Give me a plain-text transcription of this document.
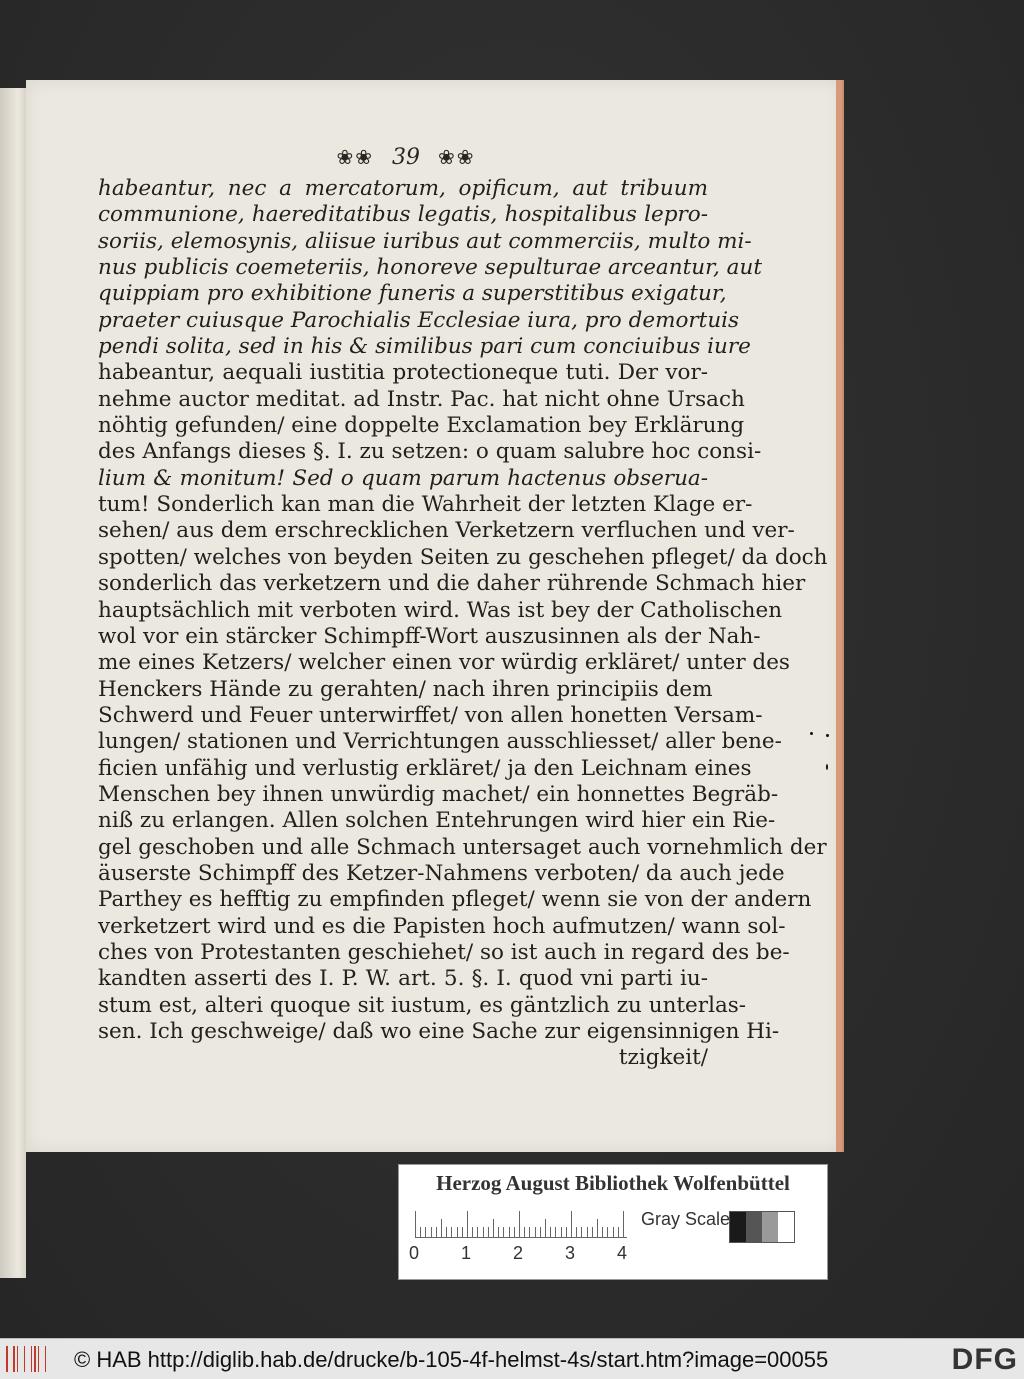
❀❀ 39 ❀❀
habeantur, nec a mercatorum, opificum, aut tribuum
communione, haereditatibus legatis, hospitalibus lepro-
soriis, elemosynis, aliisue iuribus aut commerciis, multo mi-
nus publicis coemeteriis, honoreve sepulturae arceantur, aut
quippiam pro exhibitione funeris a superstitibus exigatur,
praeter cuiusque Parochialis Ecclesiae iura, pro demortuis
pendi solita, sed in his & similibus pari cum conciuibus iure
habeantur, aequali iustitia protectioneque tuti. Der vor-
nehme auctor meditat. ad Instr. Pac. hat nicht ohne Ursach
nöhtig gefunden/ eine doppelte Exclamation bey Erklärung
des Anfangs dieses §. I. zu setzen: o quam salubre hoc consi-
lium & monitum! Sed o quam parum hactenus obserua-
tum! Sonderlich kan man die Wahrheit der letzten Klage er-
sehen/ aus dem erschrecklichen Verketzern verfluchen und ver-
spotten/ welches von beyden Seiten zu geschehen pfleget/ da doch
sonderlich das verketzern und die daher rührende Schmach hier
hauptsächlich mit verboten wird. Was ist bey der Catholischen
wol vor ein stärcker Schimpff-Wort auszusinnen als der Nah-
me eines Ketzers/ welcher einen vor würdig erkläret/ unter des
Henckers Hände zu gerahten/ nach ihren principiis dem
Schwerd und Feuer unterwirffet/ von allen honetten Versam-
lungen/ stationen und Verrichtungen ausschliesset/ aller bene-
ficien unfähig und verlustig erkläret/ ja den Leichnam eines
Menschen bey ihnen unwürdig machet/ ein honnettes Begräb-
niß zu erlangen. Allen solchen Entehrungen wird hier ein Rie-
gel geschoben und alle Schmach untersaget auch vornehmlich der
äuserste Schimpff des Ketzer-Nahmens verboten/ da auch jede
Parthey es hefftig zu empfinden pfleget/ wenn sie von der andern
verketzert wird und es die Papisten hoch aufmutzen/ wann sol-
ches von Protestanten geschiehet/ so ist auch in regard des be-
kandten asserti des I. P. W. art. 5. §. I. quod vni parti iu-
stum est, alteri quoque sit iustum, es gäntzlich zu unterlas-
sen. Ich geschweige/ daß wo eine Sache zur eigensinnigen Hi-
tzigkeit/
Herzog August Bibliothek Wolfenbüttel
0 1 2 3 4
Gray Scale
© HAB http://diglib.hab.de/drucke/b-105-4f-helmst-4s/start.htm?image=00055	DFG
